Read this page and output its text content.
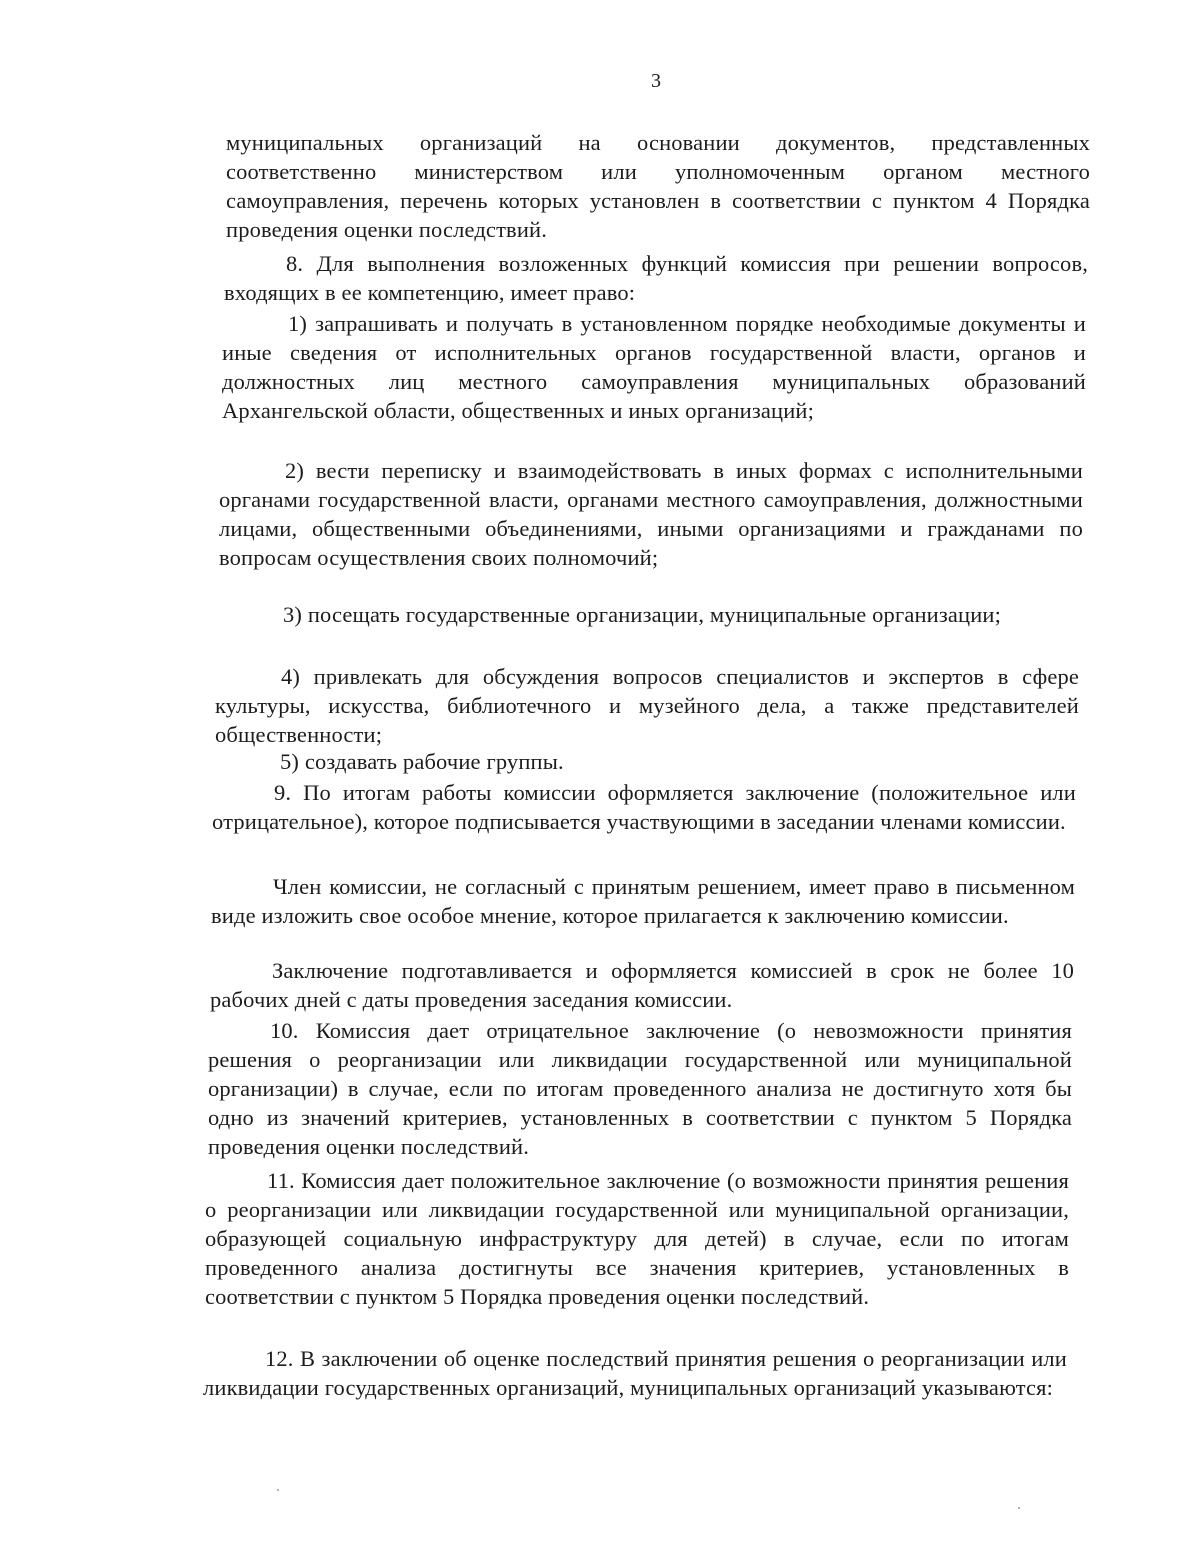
3

муниципальных организаций на основании документов, представленных соответственно министерством или уполномоченным органом местного самоуправления, перечень которых установлен в соответствии с пунктом 4 Порядка проведения оценки последствий.

8. Для выполнения возложенных функций комиссия при решении вопросов, входящих в ее компетенцию, имеет право:

1) запрашивать и получать в установленном порядке необходимые документы и иные сведения от исполнительных органов государственной власти, органов и должностных лиц местного самоуправления муниципальных образований Архангельской области, общественных и иных организаций;

2) вести переписку и взаимодействовать в иных формах с исполнительными органами государственной власти, органами местного самоуправления, должностными лицами, общественными объединениями, иными организациями и гражданами по вопросам осуществления своих полномочий;

3) посещать государственные организации, муниципальные организации;

4) привлекать для обсуждения вопросов специалистов и экспертов в сфере культуры, искусства, библиотечного и музейного дела, а также представителей общественности;

5) создавать рабочие группы.

9. По итогам работы комиссии оформляется заключение (положительное или отрицательное), которое подписывается участвующими в заседании членами комиссии.

Член комиссии, не согласный с принятым решением, имеет право в письменном виде изложить свое особое мнение, которое прилагается к заключению комиссии.

Заключение подготавливается и оформляется комиссией в срок не более 10 рабочих дней с даты проведения заседания комиссии.

10. Комиссия дает отрицательное заключение (о невозможности принятия решения о реорганизации или ликвидации государственной или муниципальной организации) в случае, если по итогам проведенного анализа не достигнуто хотя бы одно из значений критериев, установленных в соответствии с пунктом 5 Порядка проведения оценки последствий.

11. Комиссия дает положительное заключение (о возможности принятия решения о реорганизации или ликвидации государственной или муниципальной организации, образующей социальную инфраструктуру для детей) в случае, если по итогам проведенного анализа достигнуты все значения критериев, установленных в соответствии с пунктом 5 Порядка проведения оценки последствий.

12. В заключении об оценке последствий принятия решения о реорганизации или ликвидации государственных организаций, муниципальных организаций указываются:
